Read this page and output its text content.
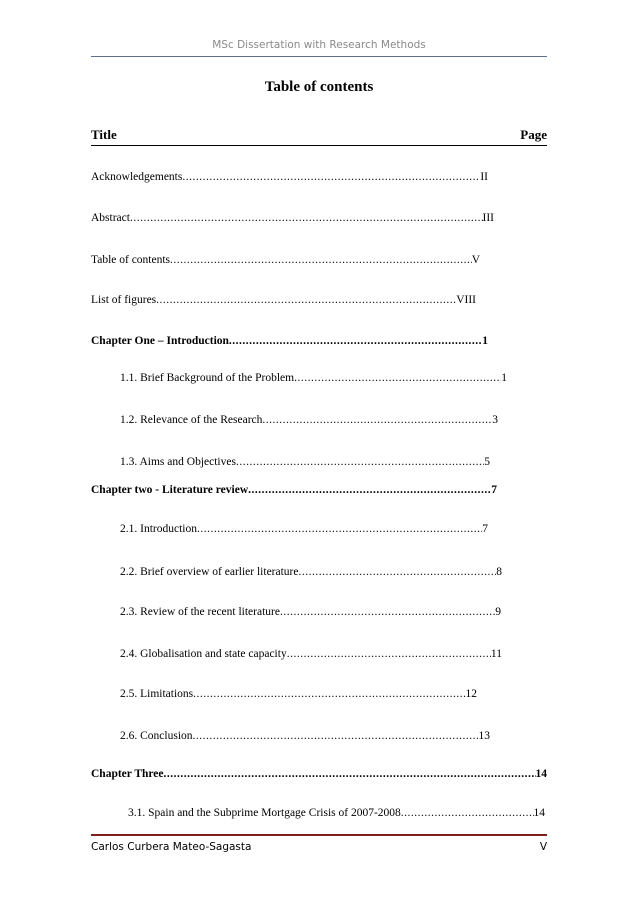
MSc Dissertation with Research Methods
Table of contents
Title	Page
Acknowledgements .....	II
Abstract .....	III
Table of contents .....	V
List of figures .....	VIII
Chapter One – Introduction .....	1
1.1. Brief Background of the Problem .....	1
1.2. Relevance of the Research .....	3
1.3. Aims and Objectives .....	5
Chapter two - Literature review .....	7
2.1. Introduction .....	7
2.2. Brief overview of earlier literature .....	8
2.3. Review of the recent literature .....	9
2.4. Globalisation and state capacity .....	11
2.5. Limitations .....	12
2.6. Conclusion .....	13
Chapter Three .....	14
3.1. Spain and the Subprime Mortgage Crisis of 2007-2008 .....	14
Carlos Curbera Mateo-Sagasta	V
